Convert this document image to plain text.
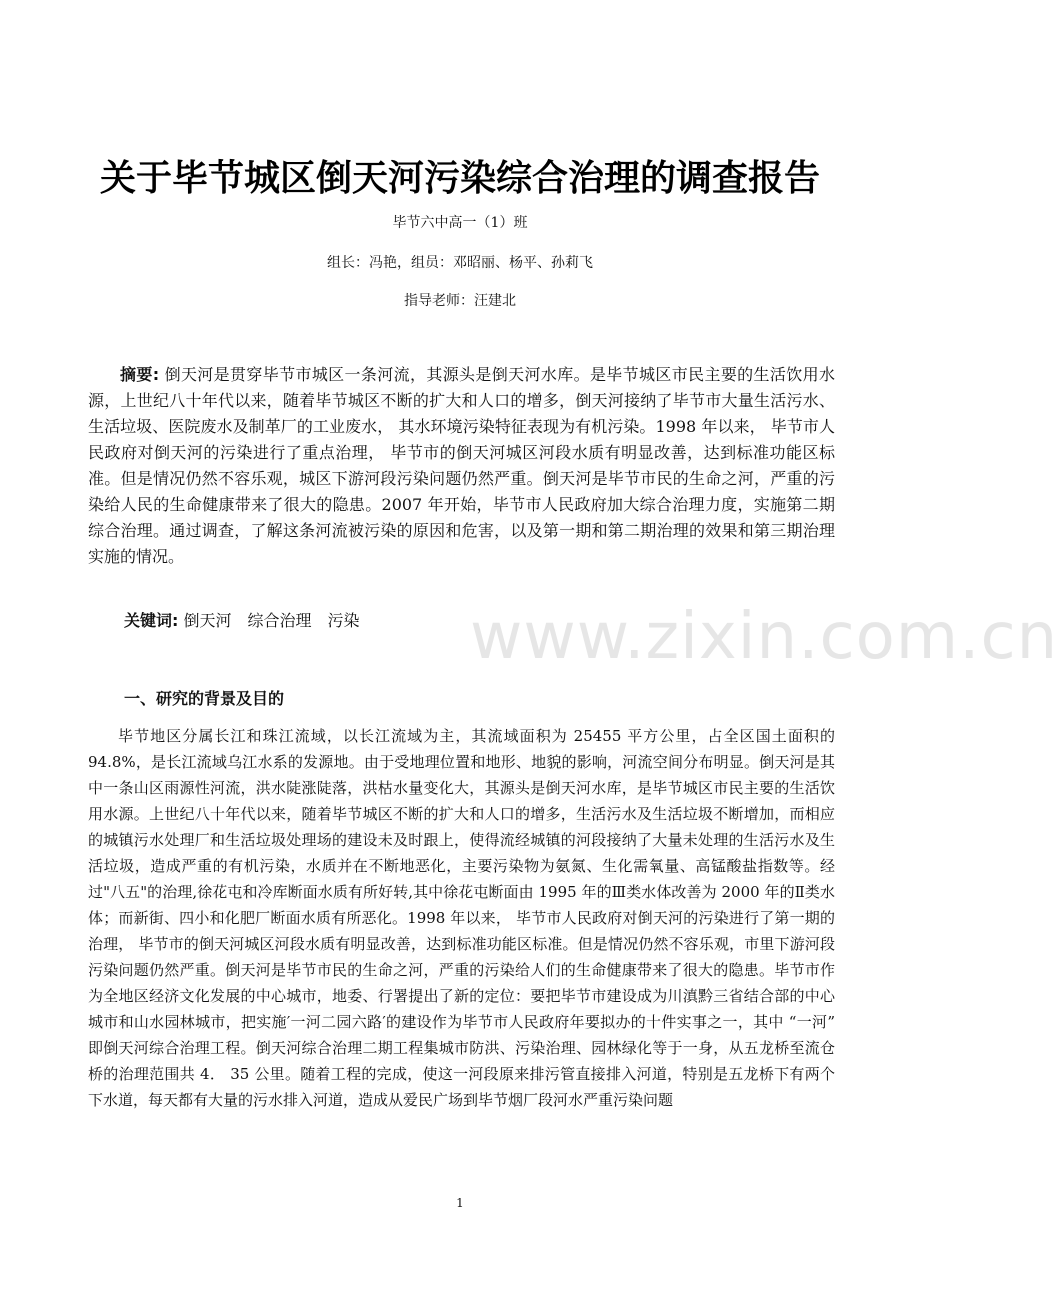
www.zixin.com.cn
关于毕节城区倒天河污染综合治理的调查报告
毕节六中高一（1）班
组长：冯艳，组员：邓昭丽、杨平、孙莉飞
指导老师：汪建北

摘要: 倒天河是贯穿毕节市城区一条河流，其源头是倒天河水库。是毕节城区市民主要的生活饮用水源，上世纪八十年代以来，随着毕节城区不断的扩大和人口的增多，倒天河接纳了毕节市大量生活污水、生活垃圾、医院废水及制革厂的工业废水， 其水环境污染特征表现为有机污染。1998 年以来， 毕节市人民政府对倒天河的污染进行了重点治理， 毕节市的倒天河城区河段水质有明显改善，达到标准功能区标准。但是情况仍然不容乐观，城区下游河段污染问题仍然严重。倒天河是毕节市民的生命之河，严重的污染给人民的生命健康带来了很大的隐患。2007 年开始，毕节市人民政府加大综合治理力度，实施第二期综合治理。通过调查，了解这条河流被污染的原因和危害，以及第一期和第二期治理的效果和第三期治理实施的情况。

关键词: 倒天河　综合治理　污染
一、研究的背景及目的

毕节地区分属长江和珠江流域，以长江流域为主，其流域面积为 25455 平方公里，占全区国土面积的 94.8%，是长江流域乌江水系的发源地。由于受地理位置和地形、地貌的影响，河流空间分布明显。倒天河是其中一条山区雨源性河流，洪水陡涨陡落，洪枯水量变化大，其源头是倒天河水库，是毕节城区市民主要的生活饮用水源。上世纪八十年代以来，随着毕节城区不断的扩大和人口的增多，生活污水及生活垃圾不断增加，而相应的城镇污水处理厂和生活垃圾处理场的建设未及时跟上，使得流经城镇的河段接纳了大量未处理的生活污水及生活垃圾，造成严重的有机污染，水质并在不断地恶化，主要污染物为氨氮、生化需氧量、高锰酸盐指数等。经过"八五"的治理,徐花屯和冷库断面水质有所好转,其中徐花屯断面由 1995 年的Ⅲ类水体改善为 2000 年的Ⅱ类水体；而新街、四小和化肥厂断面水质有所恶化。1998 年以来， 毕节市人民政府对倒天河的污染进行了第一期的治理， 毕节市的倒天河城区河段水质有明显改善，达到标准功能区标准。但是情况仍然不容乐观，市里下游河段污染问题仍然严重。倒天河是毕节市民的生命之河，严重的污染给人们的生命健康带来了很大的隐患。毕节市作为全地区经济文化发展的中心城市，地委、行署提出了新的定位：要把毕节市建设成为川滇黔三省结合部的中心城市和山水园林城市，把实施′一河二园六路′的建设作为毕节市人民政府年要拟办的十件实事之一，其中 “一河” 即倒天河综合治理工程。倒天河综合治理二期工程集城市防洪、污染治理、园林绿化等于一身，从五龙桥至流仓桥的治理范围共 4． 35 公里。随着工程的完成，使这一河段原来排污管直接排入河道，特别是五龙桥下有两个下水道，每天都有大量的污水排入河道，造成从爱民广场到毕节烟厂段河水严重污染问题

1
